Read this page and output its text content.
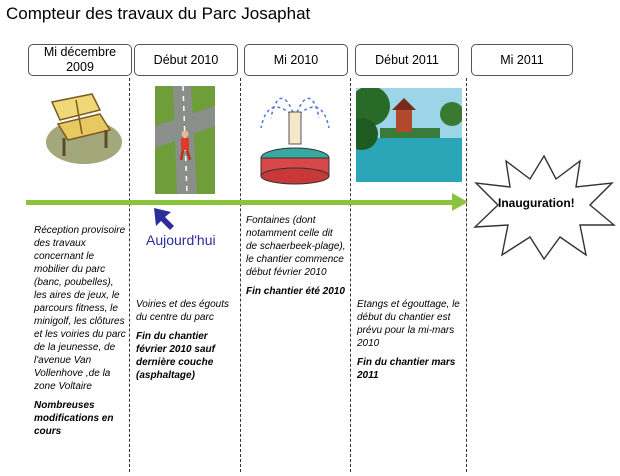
Compteur des travaux du Parc Josaphat
Mi décembre 2009
Début 2010	Mi 2010	Début 2011	Mi 2011
Aujourd'hui
Inauguration!
Réception provisoire des travaux concernant le mobilier du parc (banc, poubelles), les aires de jeux, le parcours fitness, le minigolf, les clôtures et les voiries du parc de la jeunesse, de l'avenue Van Vollenhove ,de la zone Voltaire
Nombreuses modifications en cours
Voiries et des égouts du centre du parc
Fin du chantier février 2010 sauf dernière couche (asphaltage)
Fontaines (dont notamment celle dit de schaerbeek-plage), le chantier commence début février 2010
Fin chantier été 2010
Etangs et égouttage, le début du chantier est prévu pour la mi-mars 2010
Fin du chantier mars 2011
